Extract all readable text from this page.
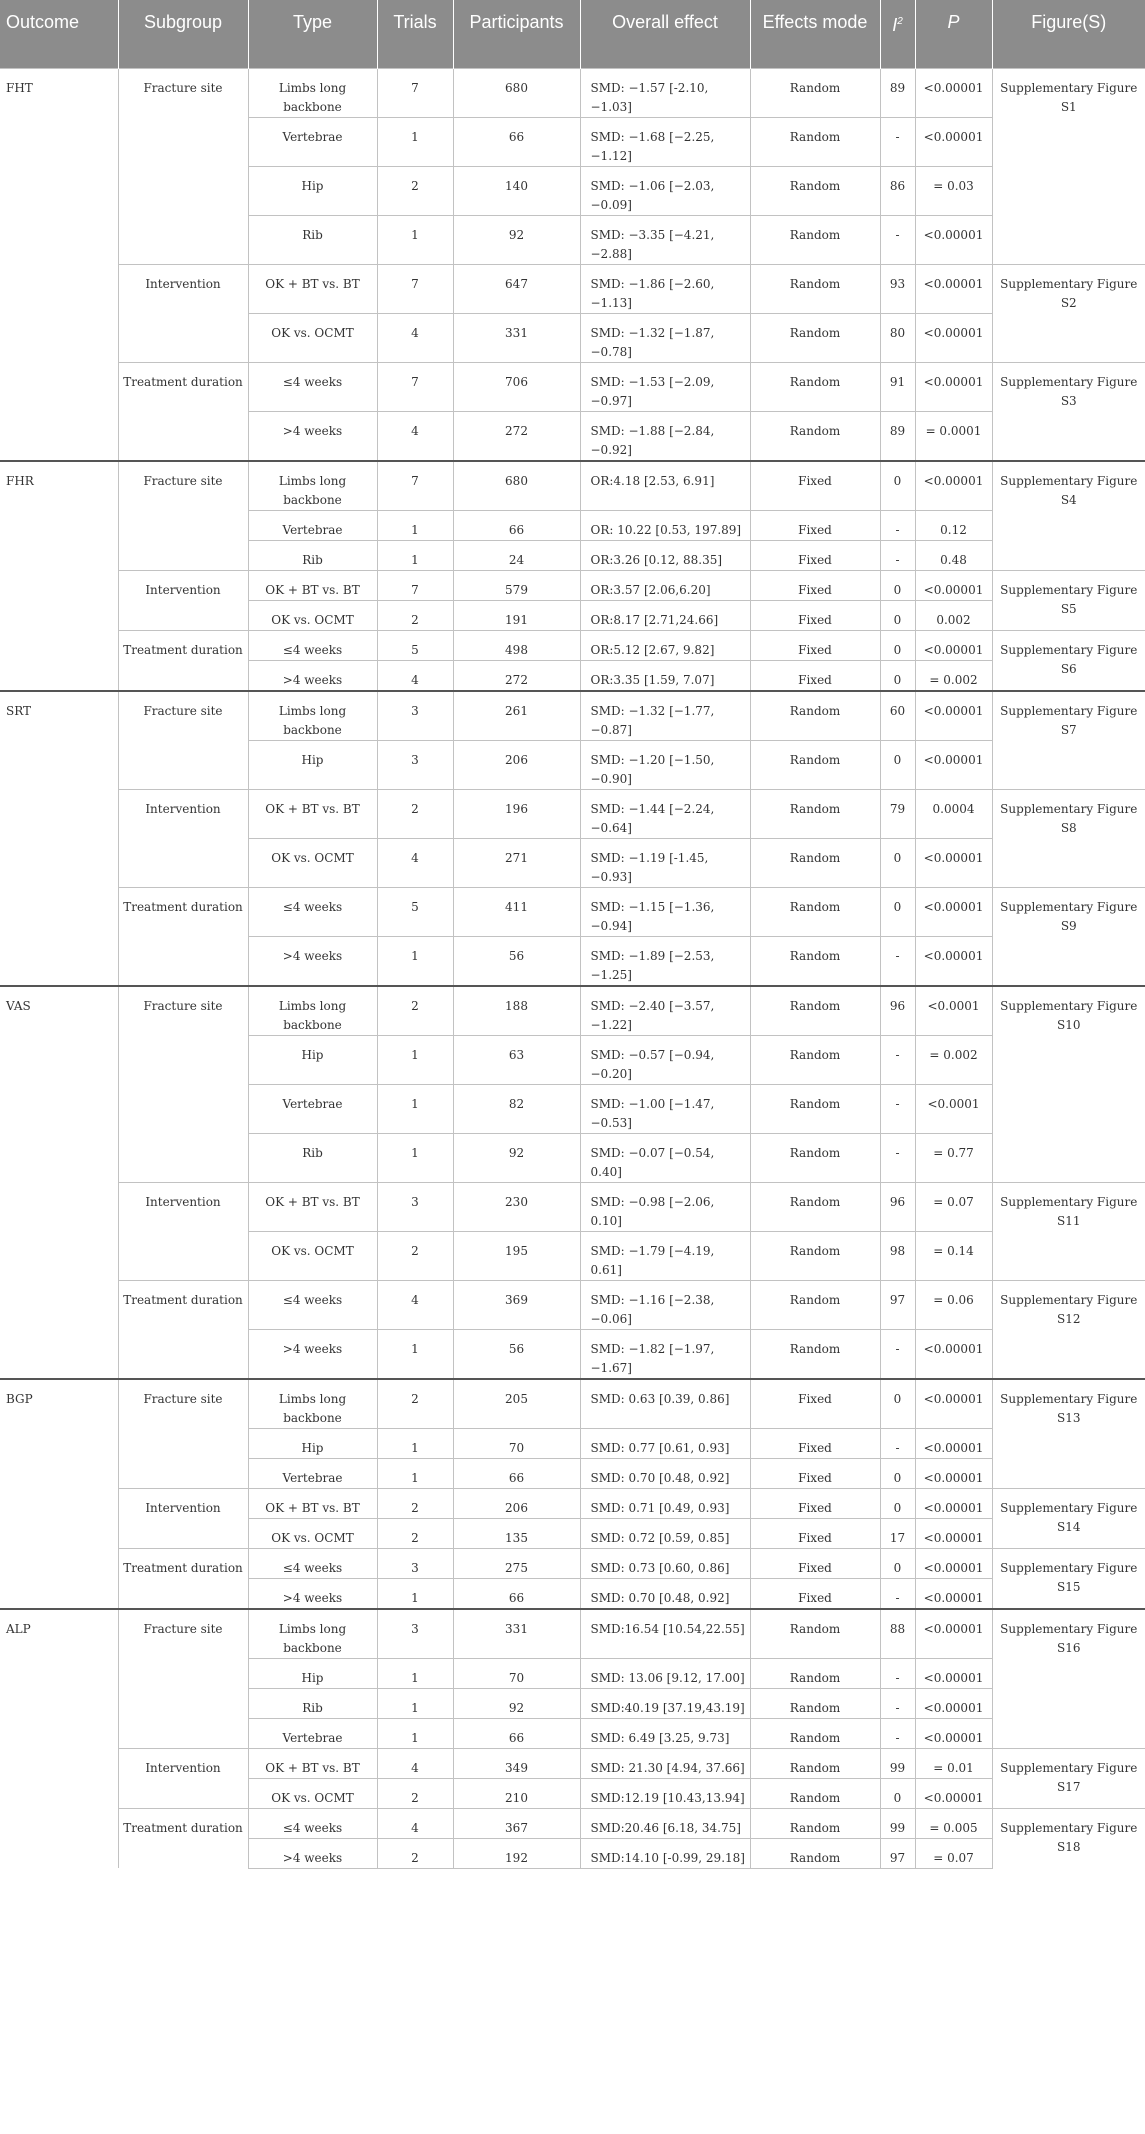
Outcome	Subgroup	Type	Trials	Participants	Overall effect	Effects mode	$I^2$	P	Figure(S)
FHT	Fracture site	Limbs long backbone	7	680	SMD: −1.57 [-2.10, −1.03]	Random	89	<0.00001	Supplementary Figure S1
		Vertebrae	1	66	SMD: −1.68 [−2.25, −1.12]	Random	-	<0.00001	
		Hip	2	140	SMD: −1.06 [−2.03, −0.09]	Random	86	= 0.03	
		Rib	1	92	SMD: −3.35 [−4.21, −2.88]	Random	-	<0.00001	
	Intervention	OK + BT vs. BT	7	647	SMD: −1.86 [−2.60, −1.13]	Random	93	<0.00001	Supplementary Figure S2
		OK vs. OCMT	4	331	SMD: −1.32 [−1.87, −0.78]	Random	80	<0.00001	
	Treatment duration	≤4 weeks	7	706	SMD: −1.53 [−2.09, −0.97]	Random	91	<0.00001	Supplementary Figure S3
		>4 weeks	4	272	SMD: −1.88 [−2.84, −0.92]	Random	89	= 0.0001	
FHR	Fracture site	Limbs long backbone	7	680	OR:4.18 [2.53, 6.91]	Fixed	0	<0.00001	Supplementary Figure S4
		Vertebrae	1	66	OR: 10.22 [0.53, 197.89]	Fixed	-	0.12	
		Rib	1	24	OR:3.26 [0.12, 88.35]	Fixed	-	0.48	
	Intervention	OK + BT vs. BT	7	579	OR:3.57 [2.06,6.20]	Fixed	0	<0.00001	Supplementary Figure S5
		OK vs. OCMT	2	191	OR:8.17 [2.71,24.66]	Fixed	0	0.002	
	Treatment duration	≤4 weeks	5	498	OR:5.12 [2.67, 9.82]	Fixed	0	<0.00001	Supplementary Figure S6
		>4 weeks	4	272	OR:3.35 [1.59, 7.07]	Fixed	0	= 0.002	
SRT	Fracture site	Limbs long backbone	3	261	SMD: −1.32 [−1.77, −0.87]	Random	60	<0.00001	Supplementary Figure S7
		Hip	3	206	SMD: −1.20 [−1.50, −0.90]	Random	0	<0.00001	
	Intervention	OK + BT vs. BT	2	196	SMD: −1.44 [−2.24, −0.64]	Random	79	0.0004	Supplementary Figure S8
		OK vs. OCMT	4	271	SMD: −1.19 [-1.45, −0.93]	Random	0	<0.00001	
	Treatment duration	≤4 weeks	5	411	SMD: −1.15 [−1.36, −0.94]	Random	0	<0.00001	Supplementary Figure S9
		>4 weeks	1	56	SMD: −1.89 [−2.53, −1.25]	Random	-	<0.00001	
VAS	Fracture site	Limbs long backbone	2	188	SMD: −2.40 [−3.57, −1.22]	Random	96	<0.0001	Supplementary Figure S10
		Hip	1	63	SMD: −0.57 [−0.94, −0.20]	Random	-	= 0.002	
		Vertebrae	1	82	SMD: −1.00 [−1.47, −0.53]	Random	-	<0.0001	
		Rib	1	92	SMD: −0.07 [−0.54, 0.40]	Random	-	= 0.77	
	Intervention	OK + BT vs. BT	3	230	SMD: −0.98 [−2.06, 0.10]	Random	96	= 0.07	Supplementary Figure S11
		OK vs. OCMT	2	195	SMD: −1.79 [−4.19, 0.61]	Random	98	= 0.14	
	Treatment duration	≤4 weeks	4	369	SMD: −1.16 [−2.38, −0.06]	Random	97	= 0.06	Supplementary Figure S12
		>4 weeks	1	56	SMD: −1.82 [−1.97, −1.67]	Random	-	<0.00001	
BGP	Fracture site	Limbs long backbone	2	205	SMD: 0.63 [0.39, 0.86]	Fixed	0	<0.00001	Supplementary Figure S13
		Hip	1	70	SMD: 0.77 [0.61, 0.93]	Fixed	-	<0.00001	
		Vertebrae	1	66	SMD: 0.70 [0.48, 0.92]	Fixed	0	<0.00001	
	Intervention	OK + BT vs. BT	2	206	SMD: 0.71 [0.49, 0.93]	Fixed	0	<0.00001	Supplementary Figure S14
		OK vs. OCMT	2	135	SMD: 0.72 [0.59, 0.85]	Fixed	17	<0.00001	
	Treatment duration	≤4 weeks	3	275	SMD: 0.73 [0.60, 0.86]	Fixed	0	<0.00001	Supplementary Figure S15
		>4 weeks	1	66	SMD: 0.70 [0.48, 0.92]	Fixed	-	<0.00001	
ALP	Fracture site	Limbs long backbone	3	331	SMD:16.54 [10.54,22.55]	Random	88	<0.00001	Supplementary Figure S16
		Hip	1	70	SMD: 13.06 [9.12, 17.00]	Random	-	<0.00001	
		Rib	1	92	SMD:40.19 [37.19,43.19]	Random	-	<0.00001	
		Vertebrae	1	66	SMD: 6.49 [3.25, 9.73]	Random	-	<0.00001	
	Intervention	OK + BT vs. BT	4	349	SMD: 21.30 [4.94, 37.66]	Random	99	= 0.01	Supplementary Figure S17
		OK vs. OCMT	2	210	SMD:12.19 [10.43,13.94]	Random	0	<0.00001	
	Treatment duration	≤4 weeks	4	367	SMD:20.46 [6.18, 34.75]	Random	99	= 0.005	Supplementary Figure S18
		>4 weeks	2	192	SMD:14.10 [-0.99, 29.18]	Random	97	= 0.07	
